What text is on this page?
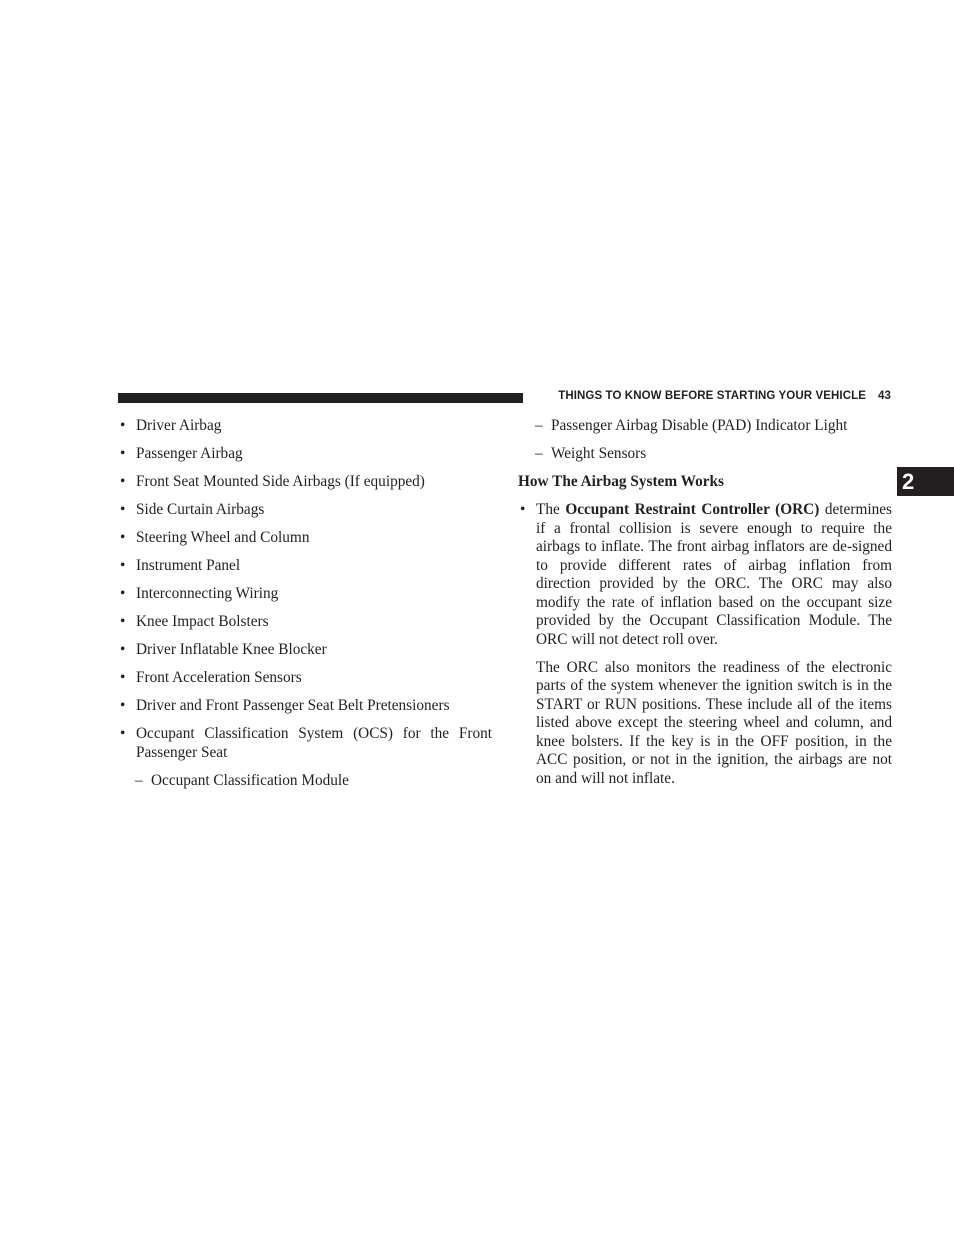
THINGS TO KNOW BEFORE STARTING YOUR VEHICLE 43
2
• Driver Airbag
• Passenger Airbag
• Front Seat Mounted Side Airbags (If equipped)
• Side Curtain Airbags
• Steering Wheel and Column
• Instrument Panel
• Interconnecting Wiring
• Knee Impact Bolsters
• Driver Inflatable Knee Blocker
• Front Acceleration Sensors
• Driver and Front Passenger Seat Belt Pretensioners
• Occupant Classification System (OCS) for the Front Passenger Seat
– Occupant Classification Module
– Passenger Airbag Disable (PAD) Indicator Light
– Weight Sensors
How The Airbag System Works
• The Occupant Restraint Controller (ORC) determines if a frontal collision is severe enough to require the airbags to inflate. The front airbag inflators are de-signed to provide different rates of airbag inflation from direction provided by the ORC. The ORC may also modify the rate of inflation based on the occupant size provided by the Occupant Classification Module. The ORC will not detect roll over.
The ORC also monitors the readiness of the electronic parts of the system whenever the ignition switch is in the START or RUN positions. These include all of the items listed above except the steering wheel and column, and knee bolsters. If the key is in the OFF position, in the ACC position, or not in the ignition, the airbags are not on and will not inflate.
